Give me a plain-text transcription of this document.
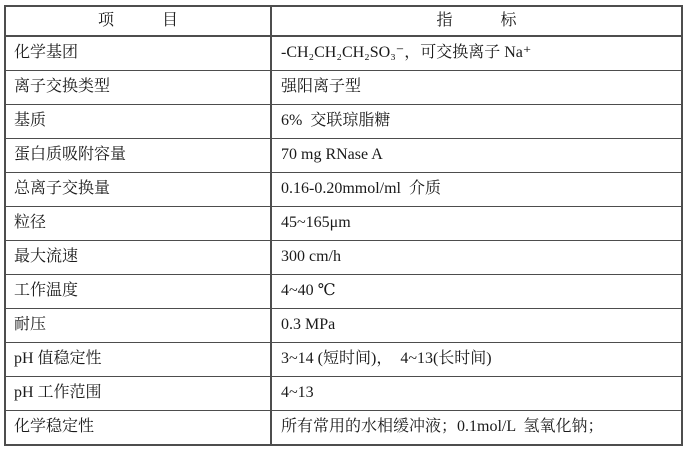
项 目	指 标
化学基团	-CH₂CH₂CH₂SO₃⁻，可交换离子 Na⁺
离子交换类型	强阳离子型
基质	6%  交联琼脂糖
蛋白质吸附容量	70 mg RNase A
总离子交换量	0.16-0.20mmol/ml  介质
粒径	45~165μm
最大流速	300 cm/h
工作温度	4~40 ℃
耐压	0.3 MPa
pH 值稳定性	3~14 (短时间)，  4~13(长时间)
pH 工作范围	4~13
化学稳定性	所有常用的水相缓冲液；0.1mol/L  氢氧化钠；
